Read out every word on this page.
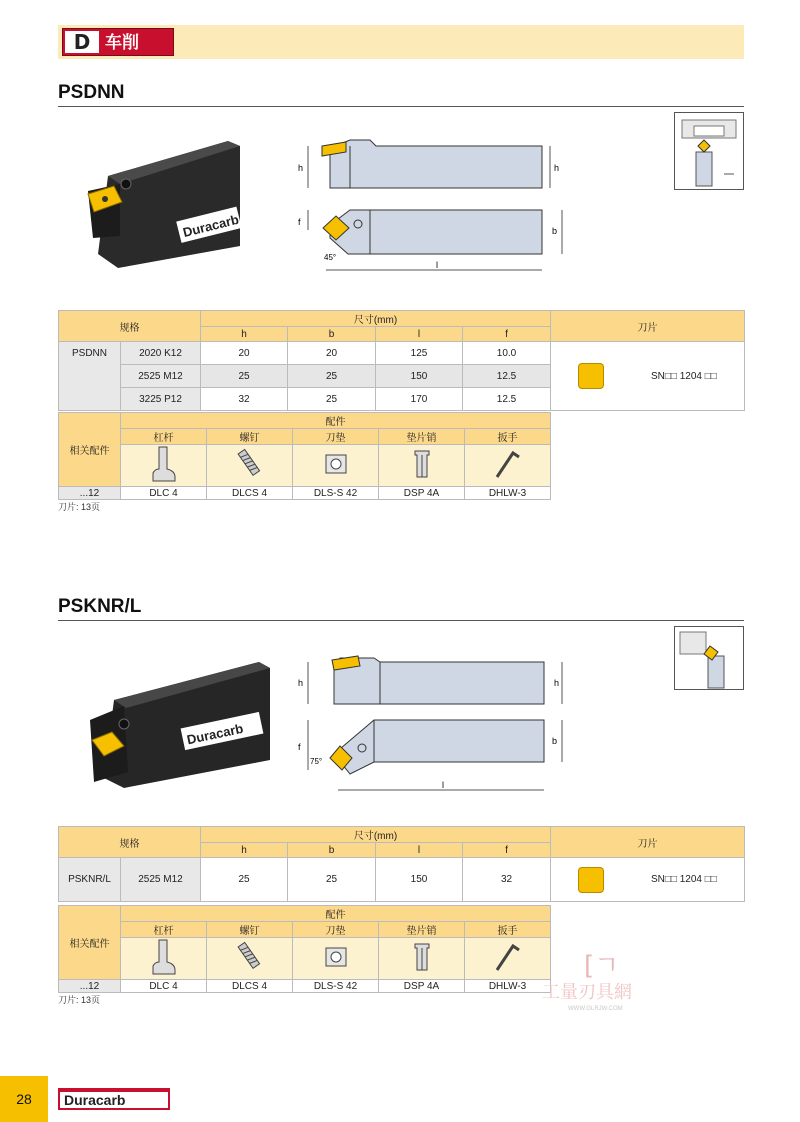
D 车削
PSDNN
Duracarb
h	h
f
b
45°
l
规格		尺寸(mm)				刀片
		h	b	l	f	
PSDNN	2020 K12	20	20	125	10.0	SN□□ 1204 □□
	2525 M12	25	25	150	12.5	
	3225 P12	32	25	170	12.5	
相关配件	配件				
	杠杆	螺钉	刀垫	垫片销	扳手

...12	DLC 4	DLCS 4	DLS-S 42	DSP 4A	DHLW-3
刀片: 13页
PSKNR/L
Duracarb
h	h
f
b
75°
l
规格		尺寸(mm)				刀片
		h	b	l	f	
PSKNR/L	2525 M12	25	25	150	32	SN□□ 1204 □□
相关配件	配件				
	杠杆	螺钉	刀垫	垫片销	扳手

...12	DLC 4	DLCS 4	DLS-S 42	DSP 4A	DHLW-3
刀片: 13页
[ㄱ
工量刃具網
WWW.GLRJW.COM
28	Duracarb
